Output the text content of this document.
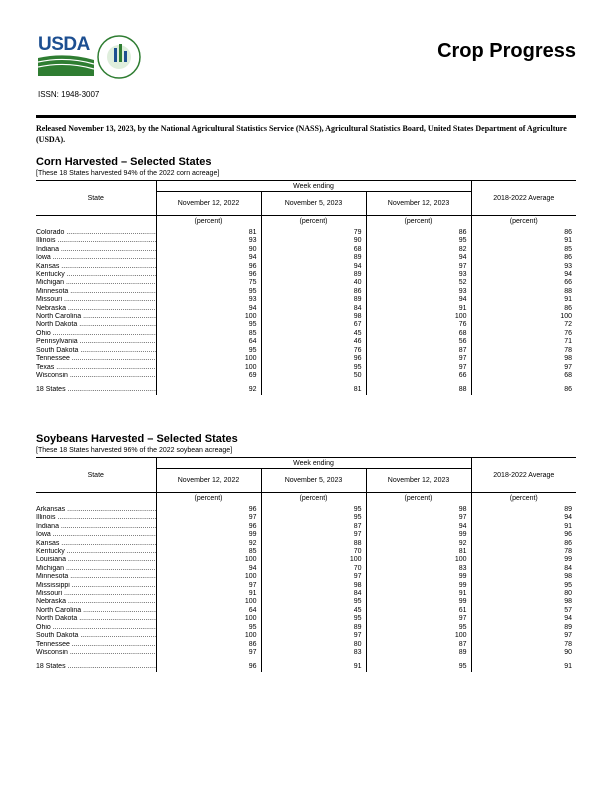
USDA	Crop Progress
ISSN: 1948-3007
Released November 13, 2023, by the National Agricultural Statistics Service (NASS), Agricultural Statistics Board, United States Department of Agriculture (USDA).
Corn Harvested – Selected States
[These 18 States harvested 94% of the 2022 corn acreage]
State	Week ending			2018-2022 Average
	November 12, 2022	November 5, 2023	November 12, 2023	
	(percent)	(percent)	(percent)	(percent)
Colorado .....	81	79	86	86
Illinois .....	93	90	95	91
Indiana .....	90	68	82	85
Iowa .....	94	89	94	86
Kansas .....	96	94	97	93
Kentucky .....	96	89	93	94
Michigan .....	75	40	52	66
Minnesota .....	95	86	93	88
Missouri .....	93	89	94	91
Nebraska .....	94	84	91	86
North Carolina .....	100	98	100	100
North Dakota .....	95	67	76	72
Ohio .....	85	45	68	76
Pennsylvania .....	64	46	56	71
South Dakota .....	95	76	87	78
Tennessee .....	100	96	97	98
Texas .....	100	95	97	97
Wisconsin .....	69	50	66	68

18 States .....	92	81	88	86
Soybeans Harvested – Selected States
[These 18 States harvested 96% of the 2022 soybean acreage]
State	Week ending			2018-2022 Average
	November 12, 2022	November 5, 2023	November 12, 2023	
	(percent)	(percent)	(percent)	(percent)
Arkansas .....	96	95	98	89
Illinois .....	97	95	97	94
Indiana .....	96	87	94	91
Iowa .....	99	97	99	96
Kansas .....	92	88	92	86
Kentucky .....	85	70	81	78
Louisiana .....	100	100	100	99
Michigan .....	94	70	83	84
Minnesota .....	100	97	99	98
Mississippi .....	97	98	99	95
Missouri .....	91	84	91	80
Nebraska .....	100	95	99	98
North Carolina .....	64	45	61	57
North Dakota .....	100	95	97	94
Ohio .....	95	89	95	89
South Dakota .....	100	97	100	97
Tennessee .....	86	80	87	78
Wisconsin .....	97	83	89	90

18 States .....	96	91	95	91
